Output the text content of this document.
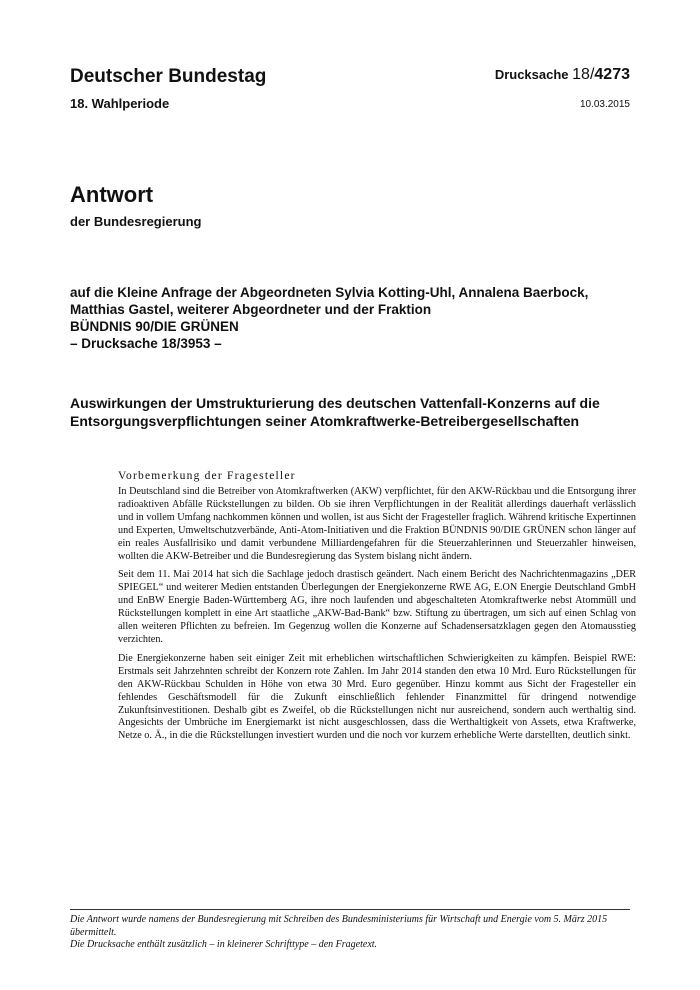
Deutscher Bundestag
18. Wahlperiode
Drucksache 18/4273
10.03.2015
Antwort
der Bundesregierung
auf die Kleine Anfrage der Abgeordneten Sylvia Kotting-Uhl, Annalena Baerbock,
Matthias Gastel, weiterer Abgeordneter und der Fraktion
BÜNDNIS 90/DIE GRÜNEN
– Drucksache 18/3953 –
Auswirkungen der Umstrukturierung des deutschen Vattenfall-Konzerns auf die
Entsorgungsverpflichtungen seiner Atomkraftwerke-Betreibergesellschaften
Vorbemerkung der Fragesteller

In Deutschland sind die Betreiber von Atomkraftwerken (AKW) verpflichtet, für den AKW-Rückbau und die Entsorgung ihrer radioaktiven Abfälle Rückstellungen zu bilden. Ob sie ihren Verpflichtungen in der Realität allerdings dauerhaft verlässlich und in vollem Umfang nachkommen können und wollen, ist aus Sicht der Fragesteller fraglich. Während kritische Expertinnen und Experten, Umweltschutzverbände, Anti-Atom-Initiativen und die Fraktion BÜNDNIS 90/DIE GRÜNEN schon länger auf ein reales Ausfallrisiko und damit verbundene Milliardengefahren für die Steuerzahlerinnen und Steuerzahler hinweisen, wollten die AKW-Betreiber und die Bundesregierung das System bislang nicht ändern.

Seit dem 11. Mai 2014 hat sich die Sachlage jedoch drastisch geändert. Nach einem Bericht des Nachrichtenmagazins „DER SPIEGEL“ und weiterer Medien entstanden Überlegungen der Energiekonzerne RWE AG, E.ON Energie Deutschland GmbH und EnBW Energie Baden-Württemberg AG, ihre noch laufenden und abgeschalteten Atomkraftwerke nebst Atommüll und Rückstellungen komplett in eine Art staatliche „AKW-Bad-Bank“ bzw. Stiftung zu übertragen, um sich auf einen Schlag von allen weiteren Pflichten zu befreien. Im Gegenzug wollen die Konzerne auf Schadensersatzklagen gegen den Atomausstieg verzichten.

Die Energiekonzerne haben seit einiger Zeit mit erheblichen wirtschaftlichen Schwierigkeiten zu kämpfen. Beispiel RWE: Erstmals seit Jahrzehnten schreibt der Konzern rote Zahlen. Im Jahr 2014 standen den etwa 10 Mrd. Euro Rückstellungen für den AKW-Rückbau Schulden in Höhe von etwa 30 Mrd. Euro gegenüber. Hinzu kommt aus Sicht der Fragesteller ein fehlendes Geschäftsmodell für die Zukunft einschließlich fehlender Finanzmittel für dringend notwendige Zukunftsinvestitionen. Deshalb gibt es Zweifel, ob die Rückstellungen nicht nur ausreichend, sondern auch werthaltig sind. Angesichts der Umbrüche im Energiemarkt ist nicht ausgeschlossen, dass die Werthaltigkeit von Assets, etwa Kraftwerke, Netze o. Ä., in die die Rückstellungen investiert wurden und die noch vor kurzem erhebliche Werte darstellten, deutlich sinkt.

Die Antwort wurde namens der Bundesregierung mit Schreiben des Bundesministeriums für Wirtschaft und Energie vom 5. März 2015 übermittelt.
Die Drucksache enthält zusätzlich – in kleinerer Schrifttype – den Fragetext.
